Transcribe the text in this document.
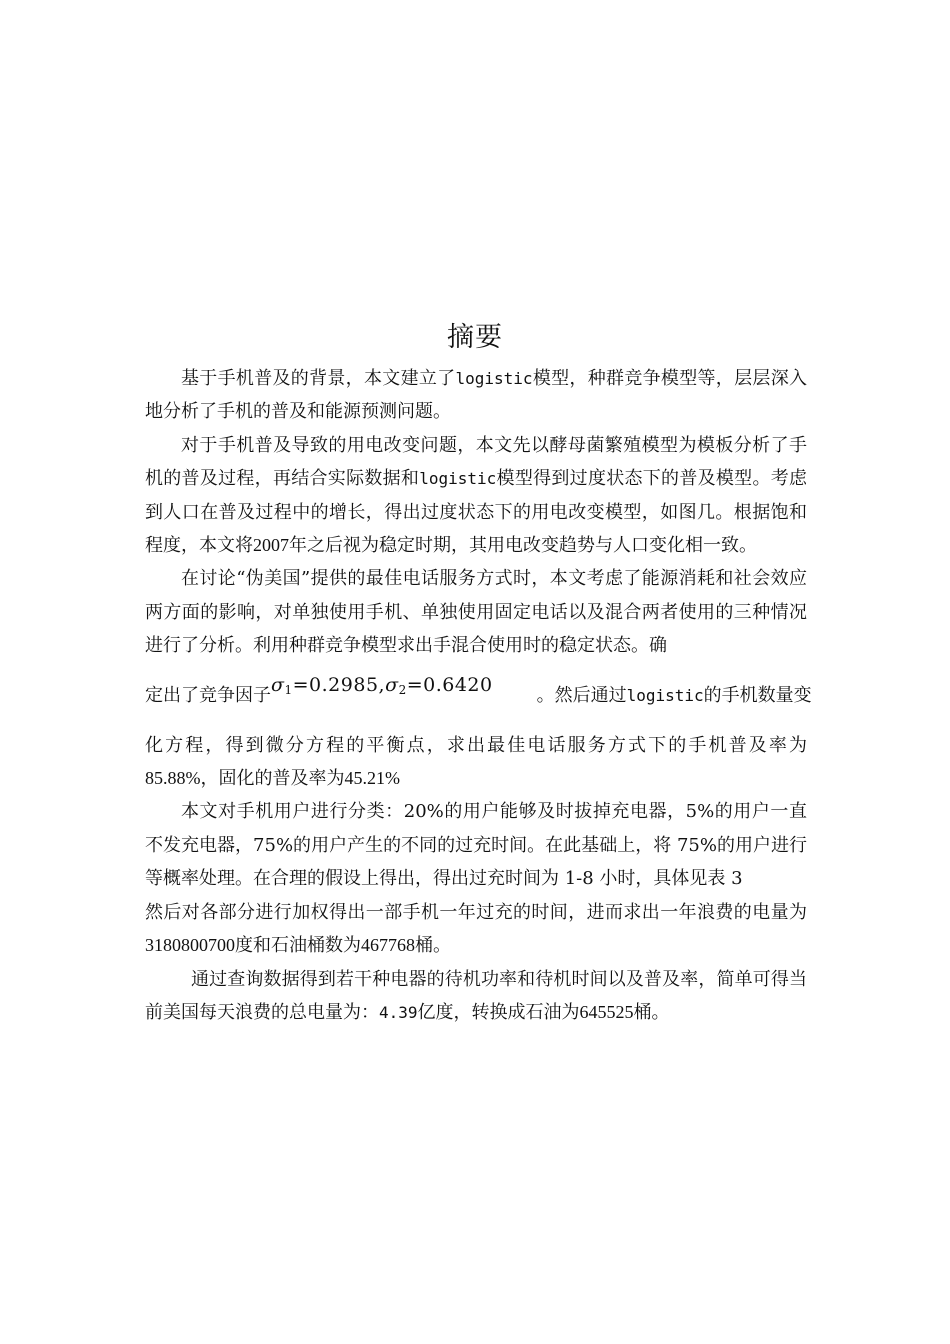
摘要

基于手机普及的背景，本文建立了logistic模型，种群竞争模型等，层层深入地分析了手机的普及和能源预测问题。

对于手机普及导致的用电改变问题，本文先以酵母菌繁殖模型为模板分析了手机的普及过程，再结合实际数据和logistic模型得到过度状态下的普及模型。考虑到人口在普及过程中的增长，得出过度状态下的用电改变模型，如图几。根据饱和程度，本文将2007年之后视为稳定时期，其用电改变趋势与人口变化相一致。

在讨论“伪美国”提供的最佳电话服务方式时，本文考虑了能源消耗和社会效应两方面的影响，对单独使用手机、单独使用固定电话以及混合两者使用的三种情况进行了分析。利用种群竞争模型求出手混合使用时的稳定状态。确

定出了竞争因子$\sigma_1=0.2985,\sigma_2=0.6420$ 。然后通过logistic的手机数量变

化方程，得到微分方程的平衡点，求出最佳电话服务方式下的手机普及率为85.88%，固化的普及率为45.21%

本文对手机用户进行分类：20%的用户能够及时拔掉充电器，5%的用户一直不发充电器，75%的用户产生的不同的过充时间。在此基础上，将 75%的用户进行等概率处理。在合理的假设上得出，得出过充时间为 1-8 小时，具体见表 3

然后对各部分进行加权得出一部手机一年过充的时间，进而求出一年浪费的电量为3180800700度和石油桶数为467768桶。

通过查询数据得到若干种电器的待机功率和待机时间以及普及率，简单可得当前美国每天浪费的总电量为：4.39亿度，转换成石油为645525桶。
